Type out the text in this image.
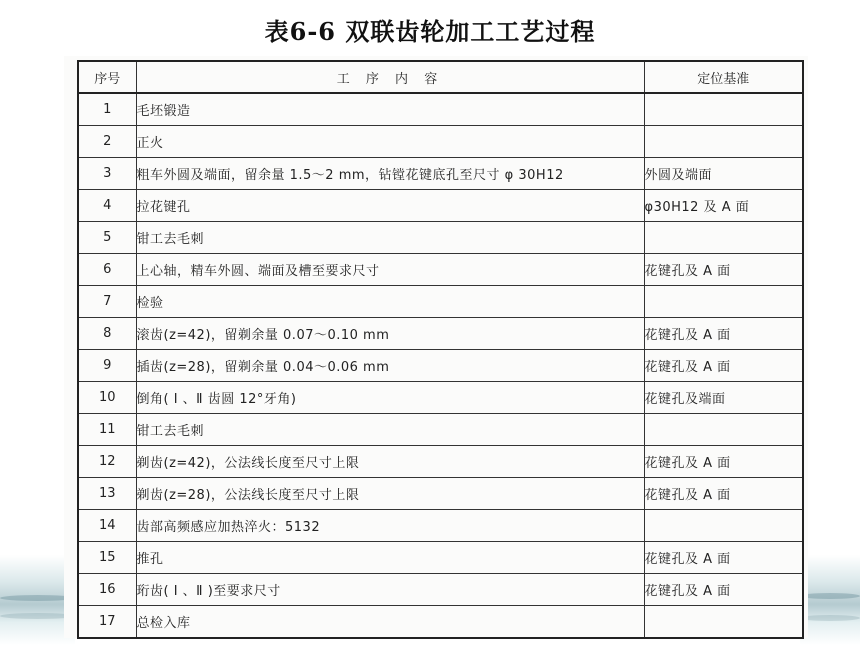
表6-6 双联齿轮加工工艺过程
序号	工 序 内 容	定位基准
1	毛坯锻造	
2	正火	
3	粗车外圆及端面，留余量 1.5～2 mm，钻镗花键底孔至尺寸 φ 30H12	外圆及端面
4	拉花键孔	φ30H12 及 A 面
5	钳工去毛刺	
6	上心轴，精车外圆、端面及槽至要求尺寸	花键孔及 A 面
7	检验	
8	滚齿(z=42)，留剃余量 0.07～0.10 mm	花键孔及 A 面
9	插齿(z=28)，留剃余量 0.04～0.06 mm	花键孔及 A 面
10	倒角( Ⅰ 、Ⅱ 齿圆 12°牙角)	花键孔及端面
11	钳工去毛刺	
12	剃齿(z=42)，公法线长度至尺寸上限	花键孔及 A 面
13	剃齿(z=28)，公法线长度至尺寸上限	花键孔及 A 面
14	齿部高频感应加热淬火：5132	
15	推孔	花键孔及 A 面
16	珩齿( Ⅰ 、Ⅱ )至要求尺寸	花键孔及 A 面
17	总检入库	
